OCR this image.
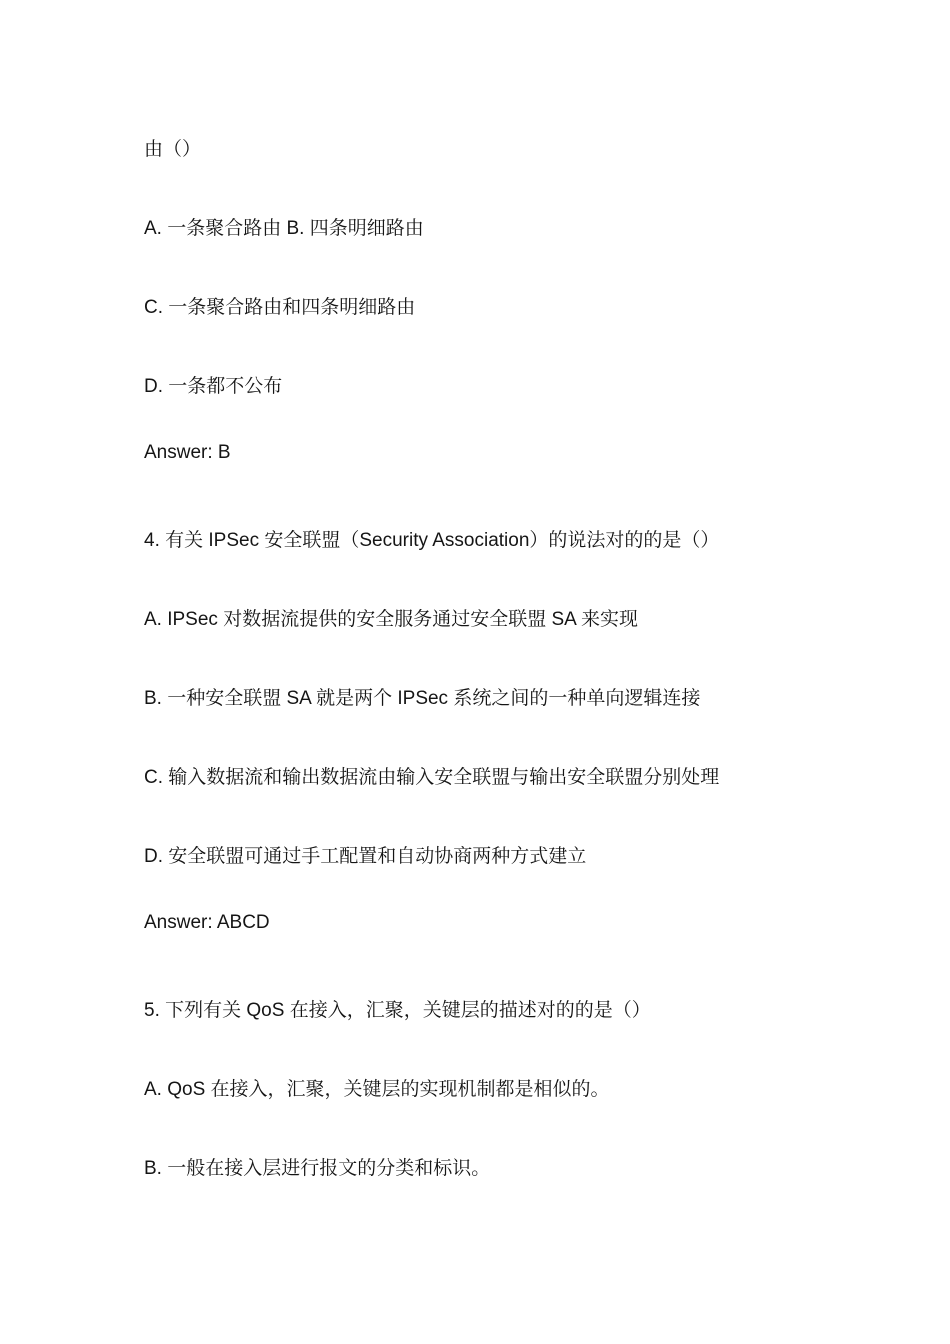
由（）
A. 一条聚合路由 B. 四条明细路由
C. 一条聚合路由和四条明细路由
D. 一条都不公布
Answer: B
4. 有关 IPSec 安全联盟（Security Association）的说法对的的是（）
A. IPSec 对数据流提供的安全服务通过安全联盟 SA 来实现
B. 一种安全联盟 SA 就是两个 IPSec 系统之间的一种单向逻辑连接
C. 输入数据流和输出数据流由输入安全联盟与输出安全联盟分别处理
D. 安全联盟可通过手工配置和自动协商两种方式建立
Answer: ABCD
5. 下列有关 QoS 在接入，汇聚，关键层的描述对的的是（）
A. QoS 在接入，汇聚，关键层的实现机制都是相似的。
B. 一般在接入层进行报文的分类和标识。
